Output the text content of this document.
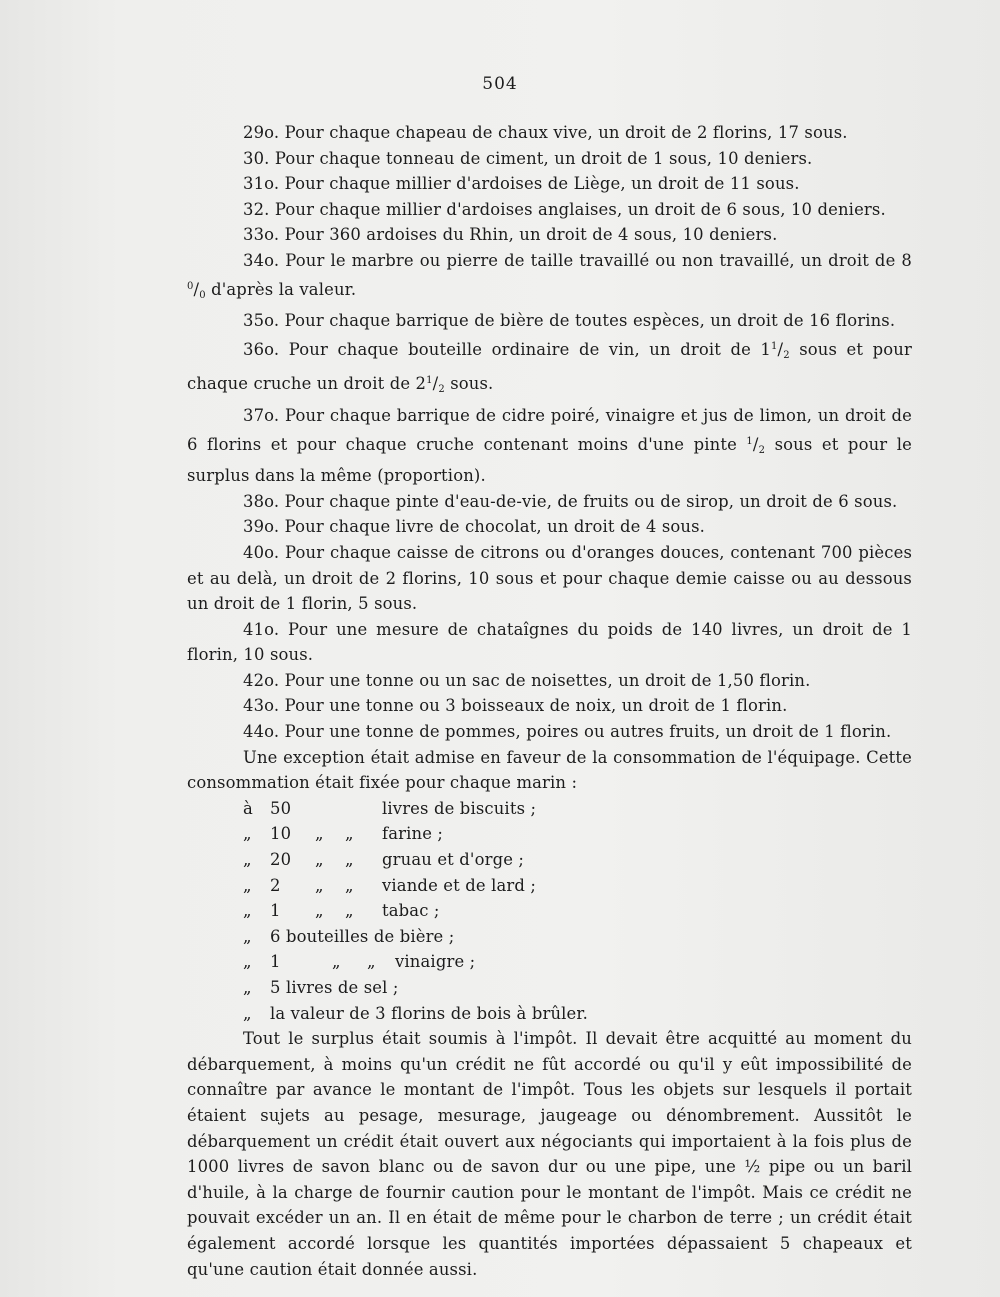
504

29o. Pour chaque chapeau de chaux vive, un droit de 2 florins, 17 sous.

30. Pour chaque tonneau de ciment, un droit de 1 sous, 10 deniers.

31o. Pour chaque millier d'ardoises de Liège, un droit de 11 sous.

32. Pour chaque millier d'ardoises anglaises, un droit de 6 sous, 10 deniers.

33o. Pour 360 ardoises du Rhin, un droit de 4 sous, 10 deniers.

34o. Pour le marbre ou pierre de taille travaillé ou non travaillé, un droit de 8 $^0/_0$ d'après la valeur.

35o. Pour chaque barrique de bière de toutes espèces, un droit de 16 florins.

36o. Pour chaque bouteille ordinaire de vin, un droit de $1^1/_2$ sous et pour chaque cruche un droit de $2^1/_2$ sous.

37o. Pour chaque barrique de cidre poiré, vinaigre et jus de limon, un droit de 6 florins et pour chaque cruche contenant moins d'une pinte $^1/_2$ sous et pour le surplus dans la même (proportion).

38o. Pour chaque pinte d'eau-de-vie, de fruits ou de sirop, un droit de 6 sous.

39o. Pour chaque livre de chocolat, un droit de 4 sous.

40o. Pour chaque caisse de citrons ou d'oranges douces, contenant 700 pièces et au delà, un droit de 2 florins, 10 sous et pour chaque demie caisse ou au dessous un droit de 1 florin, 5 sous.

41o. Pour une mesure de chataîgnes du poids de 140 livres, un droit de 1 florin, 10 sous.

42o. Pour une tonne ou un sac de noisettes, un droit de 1,50 florin.

43o. Pour une tonne ou 3 boisseaux de noix, un droit de 1 florin.

44o. Pour une tonne de pommes, poires ou autres fruits, un droit de 1 florin.

Une exception était admise en faveur de la consommation de l'équipage. Cette consommation était fixée pour chaque marin :

à 50	livres de biscuits ;
„ 10 „ „ farine ;
„ 20 „ „ gruau et d'orge ;
„ 2 „ „ viande et de lard ;
„ 1 „ „ tabac ;
„ 6 bouteilles de bière ;
„ 1	„ „ vinaigre ;
„ 5 livres de sel ;
„ la valeur de 3 florins de bois à brûler.

Tout le surplus était soumis à l'impôt. Il devait être acquitté au moment du débarquement, à moins qu'un crédit ne fût accordé ou qu'il y eût impossibilité de connaître par avance le montant de l'impôt. Tous les objets sur lesquels il portait étaient sujets au pesage, mesurage, jaugeage ou dénombrement. Aussitôt le débarquement un crédit était ouvert aux négociants qui importaient à la fois plus de 1000 livres de savon blanc ou de savon dur ou une pipe, une ½ pipe ou un baril d'huile, à la charge de fournir caution pour le montant de l'impôt. Mais ce crédit ne pouvait excéder un an. Il en était de même pour le charbon de terre ; un crédit était également accordé lorsque les quantités importées dépassaient 5 chapeaux et qu'une caution était donnée aussi.
